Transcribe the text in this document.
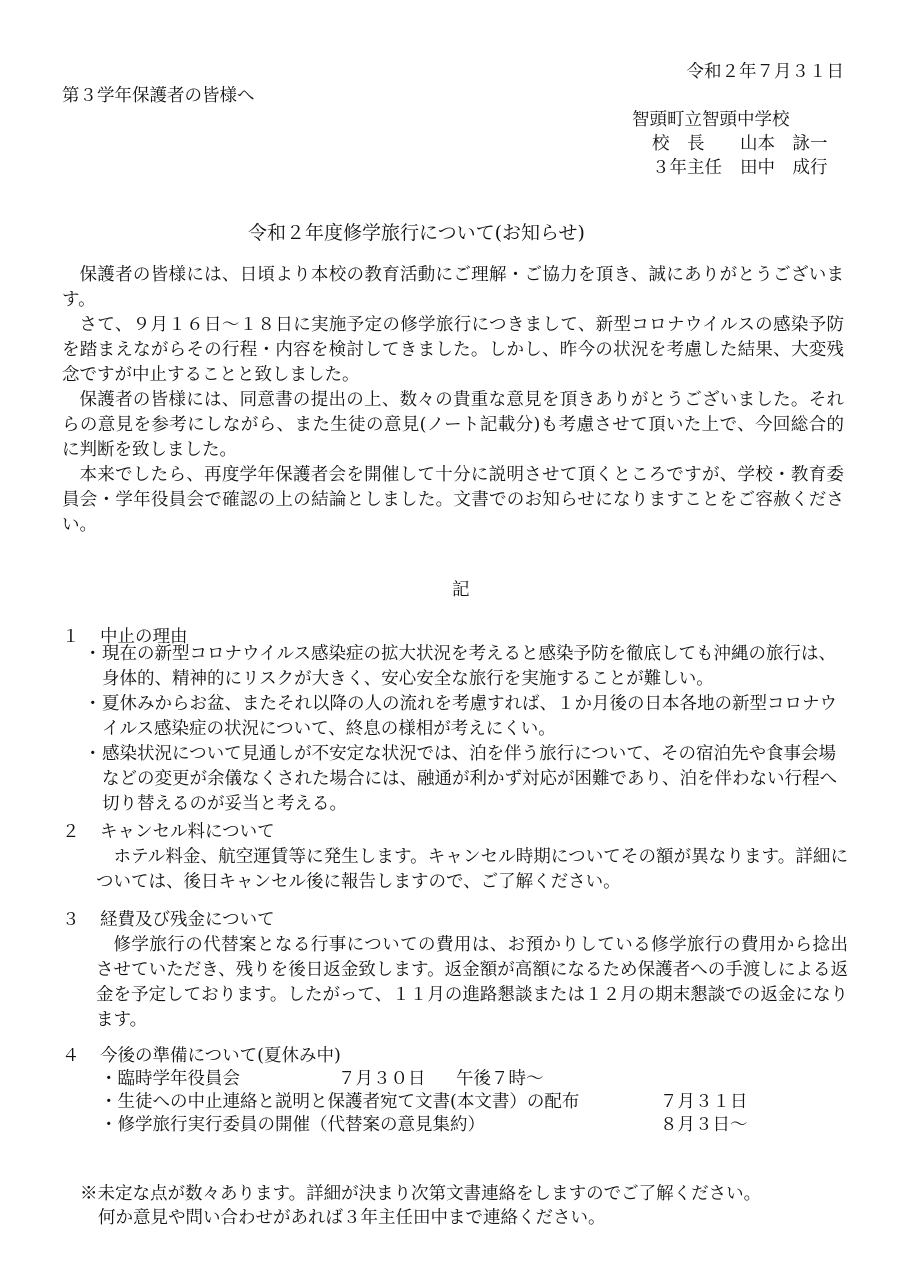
令和２年７月３１日
第３学年保護者の皆様へ
智頭町立智頭中学校
校　長 山本　詠一
３年主任 田中　成行
令和２年度修学旅行について(お知らせ)

保護者の皆様には、日頃より本校の教育活動にご理解・ご協力を頂き、誠にありがとうございます。

さて、９月１６日～１８日に実施予定の修学旅行につきまして、新型コロナウイルスの感染予防を踏まえながらその行程・内容を検討してきました。しかし、昨今の状況を考慮した結果、大変残念ですが中止することと致しました。

保護者の皆様には、同意書の提出の上、数々の貴重な意見を頂きありがとうございました。それらの意見を参考にしながら、また生徒の意見(ノート記載分)も考慮させて頂いた上で、今回総合的に判断を致しました。

本来でしたら、再度学年保護者会を開催して十分に説明させて頂くところですが、学校・教育委員会・学年役員会で確認の上の結論としました。文書でのお知らせになりますことをご容赦ください。

記
１ 中止の理由

・ 現在の新型コロナウイルス感染症の拡大状況を考えると感染予防を徹底しても沖縄の旅行は、身体的、精神的にリスクが大きく、安心安全な旅行を実施することが難しい。

・ 夏休みからお盆、またそれ以降の人の流れを考慮すれば、１か月後の日本各地の新型コロナウイルス感染症の状況について、終息の様相が考えにくい。

・ 感染状況について見通しが不安定な状況では、泊を伴う旅行について、その宿泊先や食事会場などの変更が余儀なくされた場合には、融通が利かず対応が困難であり、泊を伴わない行程へ切り替えるのが妥当と考える。

２ キャンセル料について

ホテル料金、航空運賃等に発生します。キャンセル時期についてその額が異なります。詳細については、後日キャンセル後に報告しますので、ご了解ください。

３ 経費及び残金について

修学旅行の代替案となる行事についての費用は、お預かりしている修学旅行の費用から捻出させていただき、残りを後日返金致します。返金額が高額になるため保護者への手渡しによる返金を予定しております。したがって、１１月の進路懇談または１２月の期末懇談での返金になります。

４ 今後の準備について(夏休み中)
・臨時学年役員会	７月３０日 午後７時～
・生徒への中止連絡と説明と保護者宛て文書(本文書）の配布	７月３１日
・修学旅行実行委員の開催（代替案の意見集約）	８月３日～
※未定な点が数々あります。詳細が決まり次第文書連絡をしますのでご了解ください。
何か意見や問い合わせがあれば３年主任田中まで連絡ください。
